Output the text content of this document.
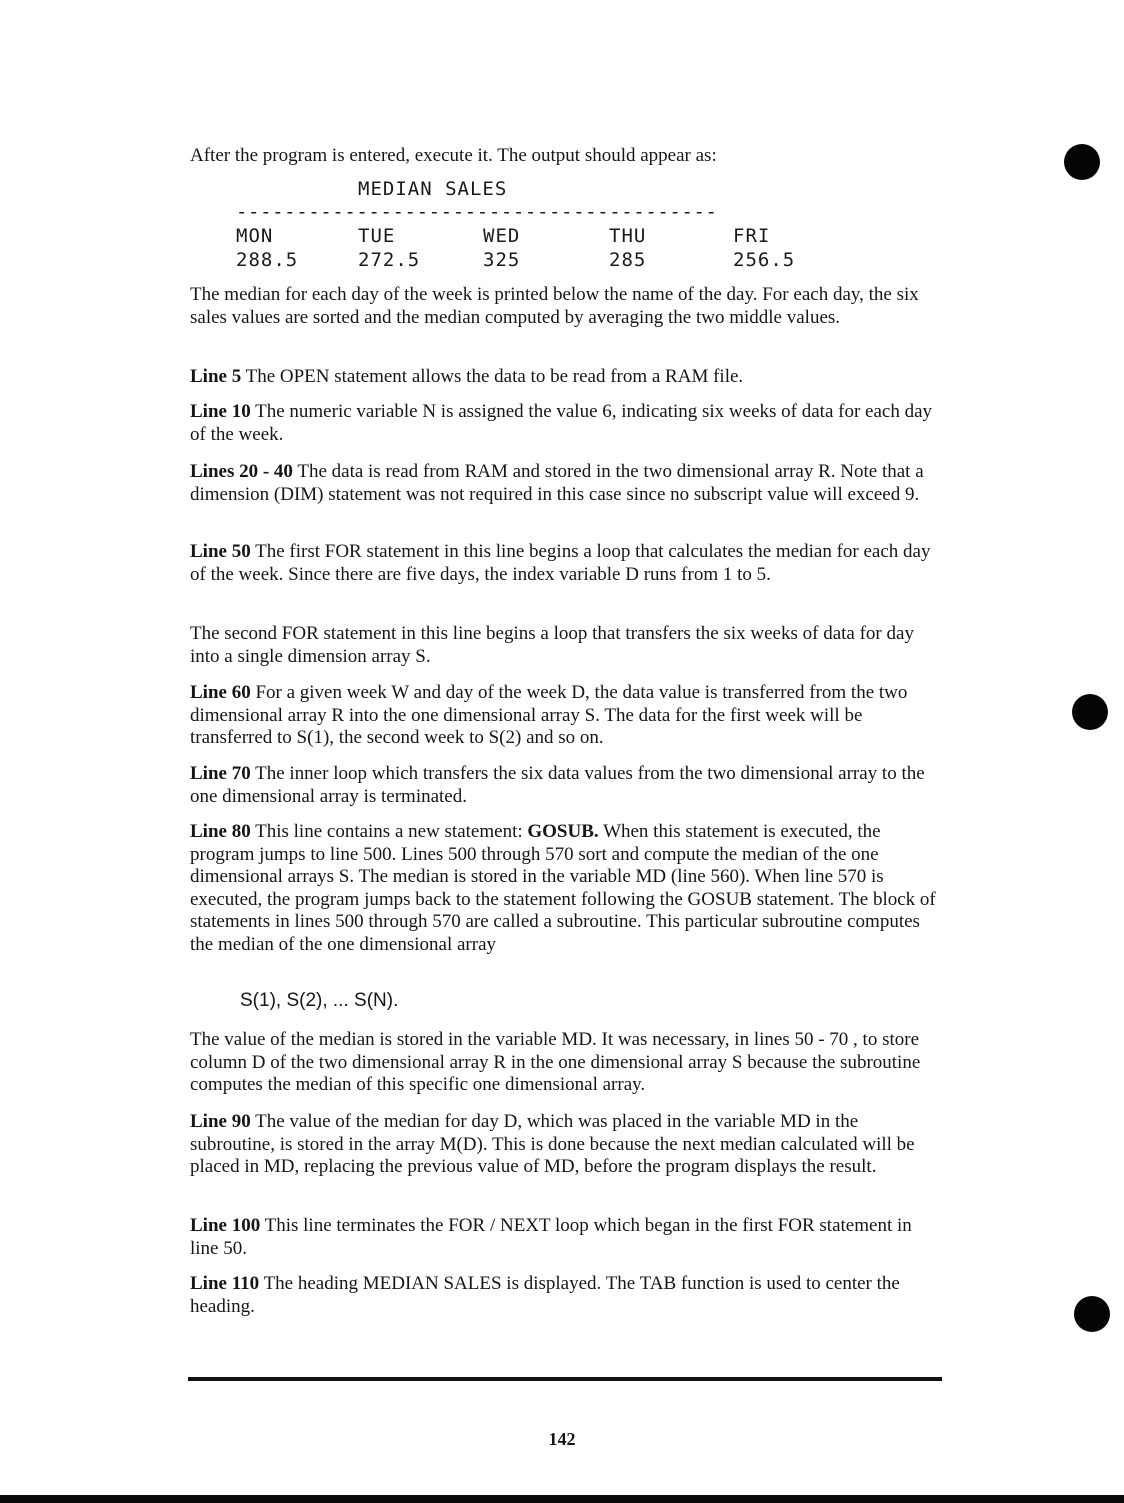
After the program is entered, execute it. The output should appear as:

MEDIAN SALES
----------------------------------------
MON	TUE	WED	THU	FRI
288.5	272.5	325	285	256.5

The median for each day of the week is printed below the name of the day. For each day, the six sales values are sorted and the median computed by averaging the two middle values.

Line 5 The OPEN statement allows the data to be read from a RAM file.

Line 10 The numeric variable N is assigned the value 6, indicating six weeks of data for each day of the week.

Lines 20 - 40 The data is read from RAM and stored in the two dimensional array R. Note that a dimension (DIM) statement was not required in this case since no subscript value will exceed 9.

Line 50 The first FOR statement in this line begins a loop that calculates the median for each day of the week. Since there are five days, the index variable D runs from 1 to 5.

The second FOR statement in this line begins a loop that transfers the six weeks of data for day into a single dimension array S.

Line 60 For a given week W and day of the week D, the data value is transferred from the two dimensional array R into the one dimensional array S. The data for the first week will be transferred to S(1), the second week to S(2) and so on.

Line 70 The inner loop which transfers the six data values from the two dimensional array to the one dimensional array is terminated.

Line 80 This line contains a new statement: GOSUB. When this statement is executed, the program jumps to line 500. Lines 500 through 570 sort and compute the median of the one dimensional arrays S. The median is stored in the variable MD (line 560). When line 570 is executed, the program jumps back to the statement following the GOSUB statement. The block of statements in lines 500 through 570 are called a subroutine. This particular subroutine computes the median of the one dimensional array

S(1), S(2), ... S(N).

The value of the median is stored in the variable MD. It was necessary, in lines 50 - 70 , to store column D of the two dimensional array R in the one dimensional array S because the subroutine computes the median of this specific one dimensional array.

Line 90 The value of the median for day D, which was placed in the variable MD in the subroutine, is stored in the array M(D). This is done because the next median calculated will be placed in MD, replacing the previous value of MD, before the program displays the result.

Line 100 This line terminates the FOR / NEXT loop which began in the first FOR statement in line 50.

Line 110 The heading MEDIAN SALES is displayed. The TAB function is used to center the heading.

142
